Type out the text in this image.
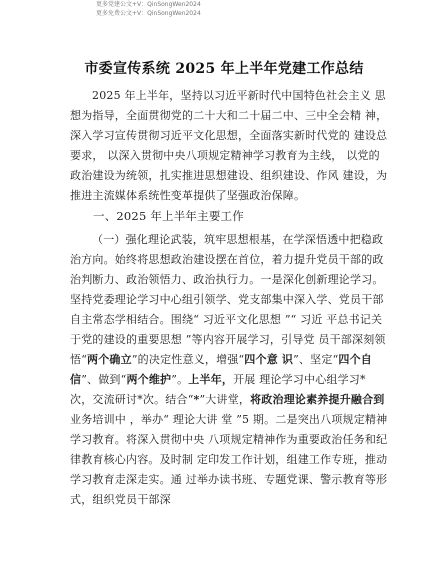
更多党建公文+V：QinSongWen2024
更多免费公文+V：QinSongWen2024
市委宣传系统 2025 年上半年党建工作总结

2025 年上半年，坚持以习近平新时代中国特色社会主义 思想为指导，全面贯彻党的二十大和二十届二中、三中全会精 神，深入学习宣传贯彻习近平文化思想，全面落实新时代党的 建设总要求， 以深入贯彻中央八项规定精神学习教育为主线， 以党的政治建设为统领，扎实推进思想建设、组织建设、作风 建设，为推进主流媒体系统性变革提供了坚强政治保障。

一、2025 年上半年主要工作

（一）强化理论武装，筑牢思想根基，在学深悟透中把稳政治方向。始终将思想政治建设摆在首位，着力提升党员干部的政治判断力、政治领悟力、政治执行力。一是深化创新理论学习。坚持党委理论学习中心组引领学、党支部集中深入学、党员干部自主常态学相结合。围绕“ 习近平文化思想 ”“ 习近 平总书记关于党的建设的重要思想 ”等内容开展学习，引导党 员干部深刻领悟“两个确立”的决定性意义，增强“四个意 识”、坚定“四个自信”、做到“两个维护”。上半年，开展 理论学习中心组学习*次，交流研讨*次。结合“*”大讲堂，将政治理论素养提升融合到业务培训中 ，举办“ 理论大讲 堂 ”5 期。二是突出八项规定精神学习教育。将深入贯彻中央 八项规定精神作为重要政治任务和纪律教育核心内容。及时制 定印发工作计划，组建工作专班，推动学习教育走深走实。通 过举办读书班、专题党课、警示教育等形式，组织党员干部深
